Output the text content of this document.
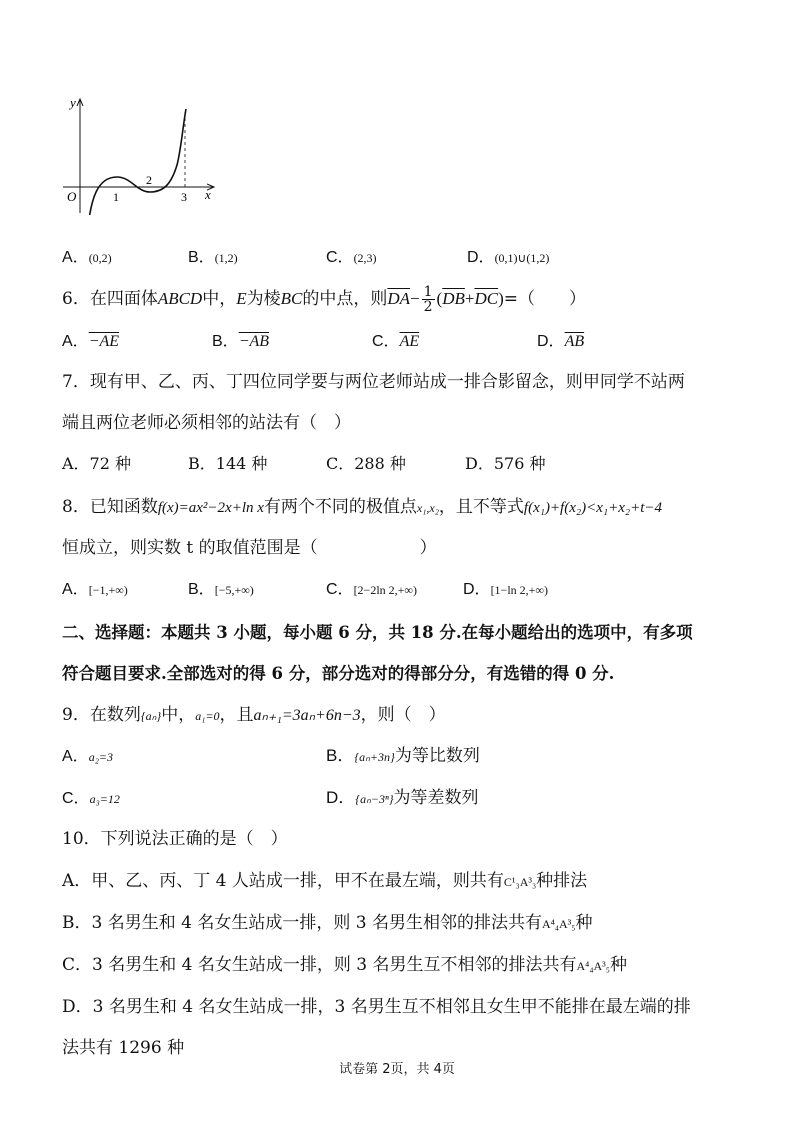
y
x
O	1
2
3
A．(0,2)	B．(1,2)	C．(2,3)	D．(0,1)∪(1,2)
6．在四面体ABCD中，E为棱BC的中点，则$\overline{DA}- \frac{1}{2} (\overline{DB}+\overline{DC})=$（　　）
A．−AE	B．−AB	C．$\overline{AE}$	D．$\overline{AB}$
7．现有甲、乙、丙、丁四位同学要与两位老师站成一排合影留念，则甲同学不站两
端且两位老师必须相邻的站法有（　）
A．72 种	B．144 种	C．288 种	D．576 种
8．已知函数f(x)=ax²−2x+ln x有两个不同的极值点x₁,x₂，且不等式f(x₁)+f(x₂)<x₁+x₂+t−4
恒成立，则实数 t 的取值范围是（　　　　　　）
A．[−1,+∞)	B．[−5,+∞)	C．[2−2ln 2,+∞)	D．[1−ln 2,+∞)
二、选择题：本题共 3 小题，每小题 6 分，共 18 分.在每小题给出的选项中，有多项
符合题目要求.全部选对的得 6 分，部分选对的得部分分，有选错的得 0 分.
9．在数列{aₙ}中，a₁=0，且aₙ₊₁=3aₙ+6n−3，则（　）
A．a₂=3	B．{aₙ+3n}为等比数列
C．a₃=12	D．{aₙ−3ⁿ}为等差数列
10．下列说法正确的是（　）
A．甲、乙、丙、丁 4 人站成一排，甲不在最左端，则共有C¹₃A³₃种排法
B．3 名男生和 4 名女生站成一排，则 3 名男生相邻的排法共有A⁴₄A³₅种
C．3 名男生和 4 名女生站成一排，则 3 名男生互不相邻的排法共有A⁴₄A³₅种
D．3 名男生和 4 名女生站成一排，3 名男生互不相邻且女生甲不能排在最左端的排
法共有 1296 种
试卷第 2页，共 4页
